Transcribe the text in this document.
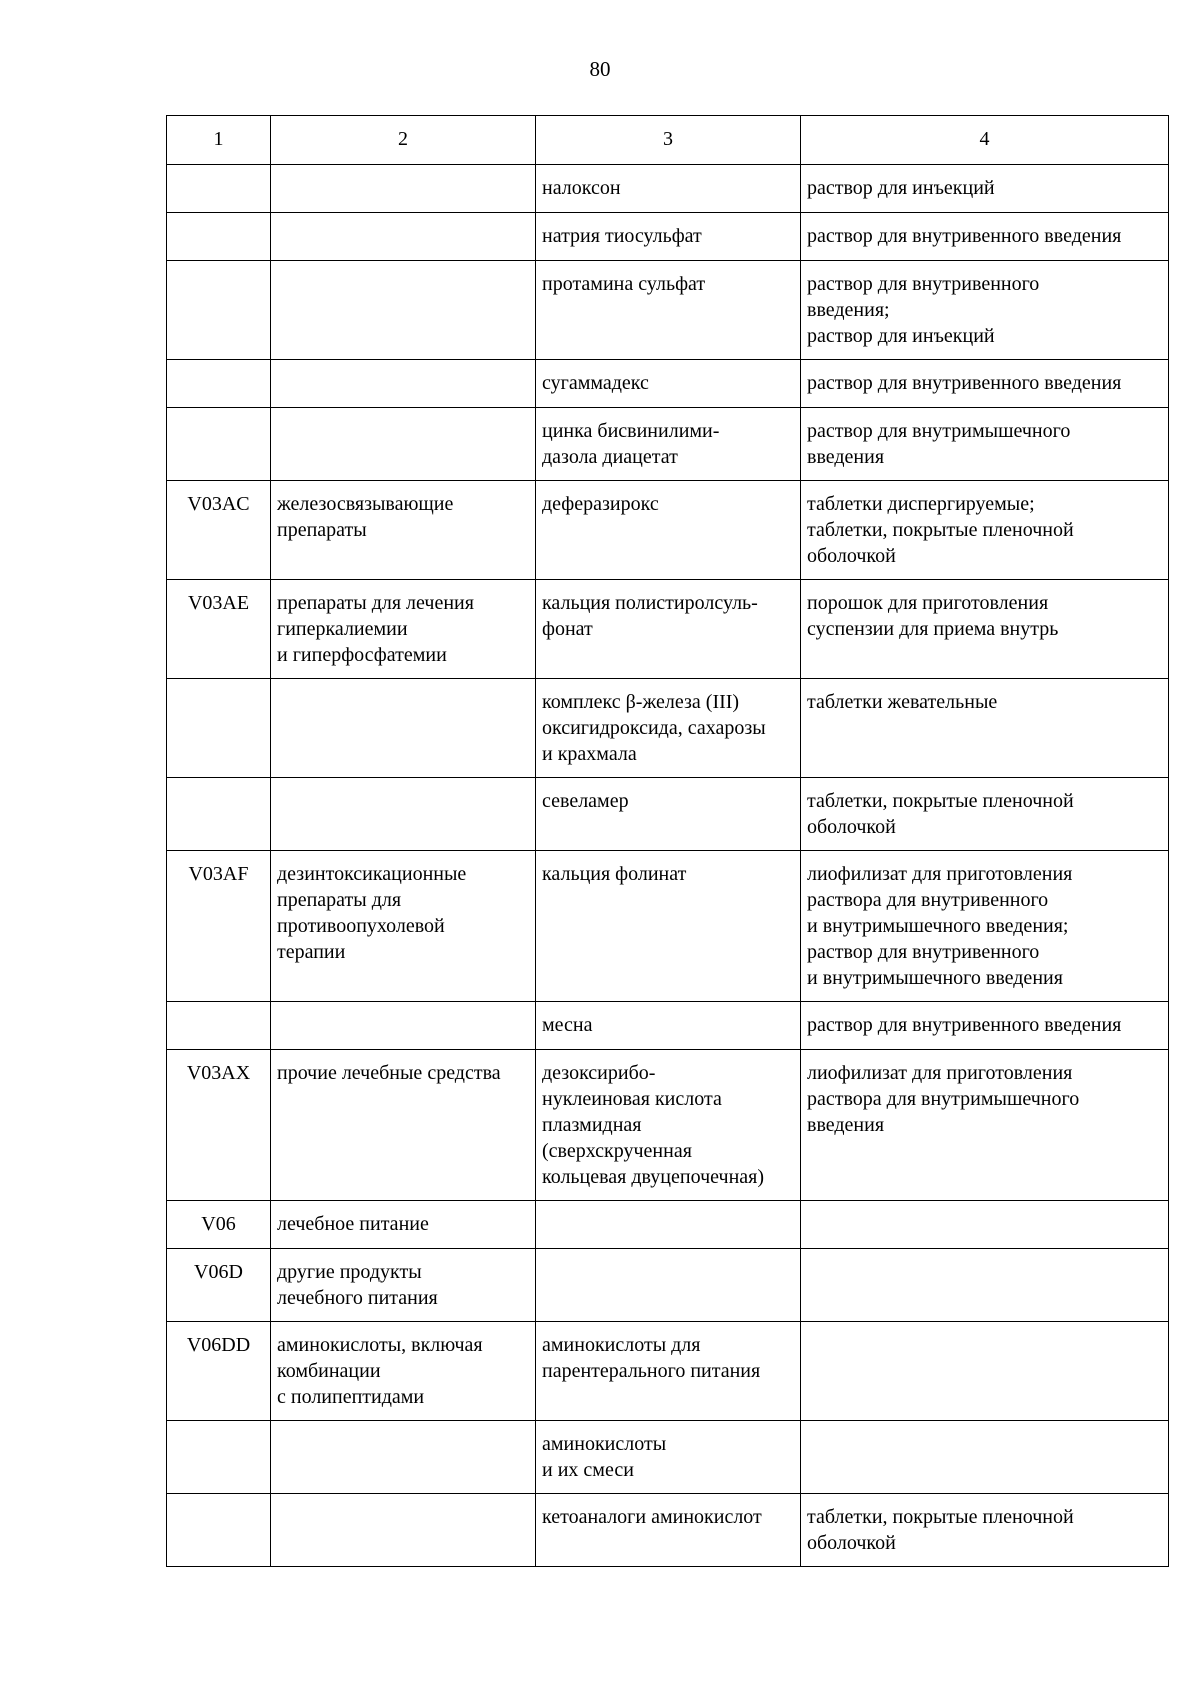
80
1	2	3	4

		налоксон	раствор для инъекций

		натрия тиосульфат	раствор для внутривенного введения

		протамина сульфат	раствор для внутривенного
введения;
раствор для инъекций

		сугаммадекс	раствор для внутривенного введения

		цинка бисвинилими-
дазола диацетат	раствор для внутримышечного
введения

V03AC	железосвязывающие
препараты	деферазирокс	таблетки диспергируемые;
таблетки, покрытые пленочной
оболочкой

V03AE	препараты для лечения
гиперкалиемии
и гиперфосфатемии	кальция полистиролсуль-
фонат	порошок для приготовления
суспензии для приема внутрь

		комплекс β-железа (III)
оксигидроксида, сахарозы
и крахмала	таблетки жевательные

		севеламер	таблетки, покрытые пленочной
оболочкой

V03AF	дезинтоксикационные
препараты для
противоопухолевой
терапии	кальция фолинат	лиофилизат для приготовления
раствора для внутривенного
и внутримышечного введения;
раствор для внутривенного
и внутримышечного введения

		месна	раствор для внутривенного введения

V03AX	прочие лечебные средства	дезоксирибо-
нуклеиновая кислота
плазмидная
(сверхскрученная
кольцевая двуцепочечная)	лиофилизат для приготовления
раствора для внутримышечного
введения

V06	лечебное питание		

V06D	другие продукты
лечебного питания		

V06DD	аминокислоты, включая
комбинации
с полипептидами	аминокислоты для
парентерального питания	

		аминокислоты
и их смеси	

		кетоаналоги аминокислот	таблетки, покрытые пленочной
оболочкой
